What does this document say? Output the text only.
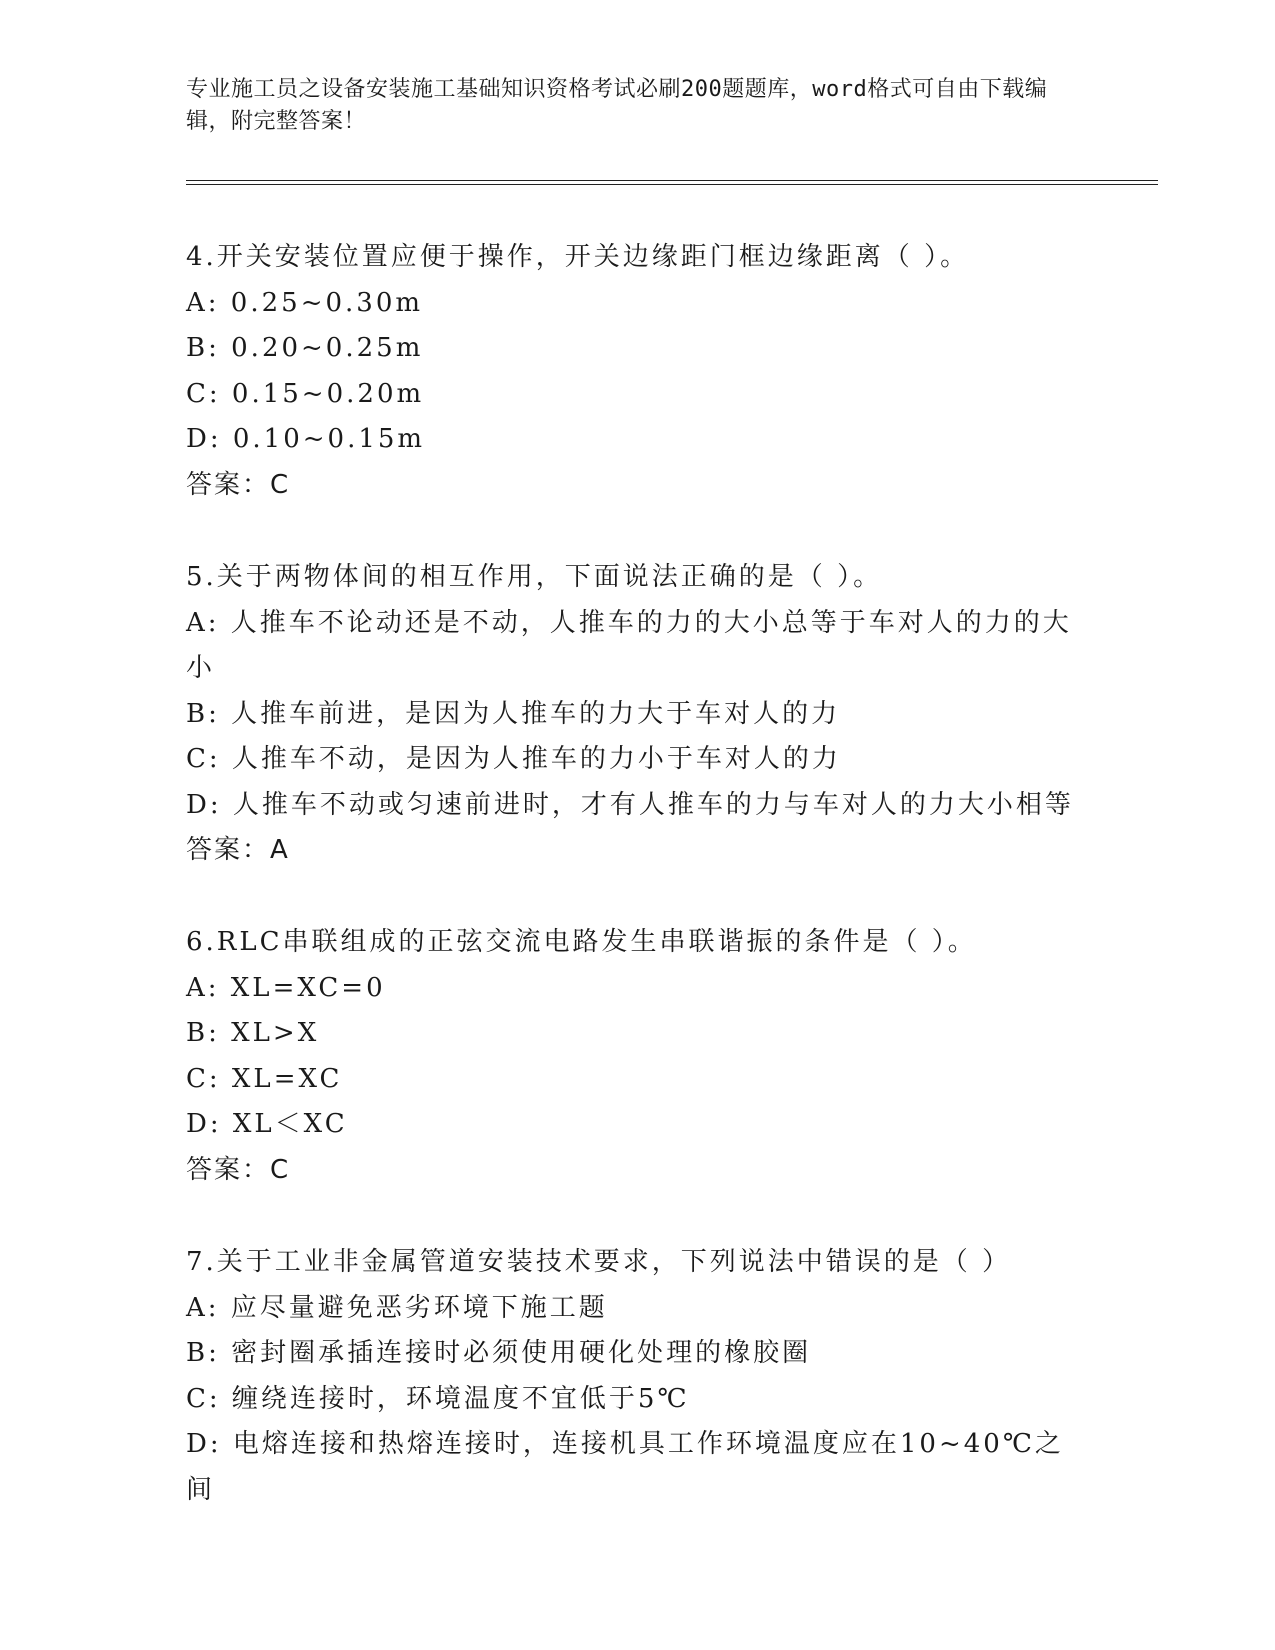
专业施工员之设备安装施工基础知识资格考试必刷200题题库，word格式可自由下载编辑，附完整答案！
4.开关安装位置应便于操作，开关边缘距门框边缘距离（ ）。
A: 0.25~0.30m
B: 0.20~0.25m
C: 0.15~0.20m
D: 0.10~0.15m
答案：C
5.关于两物体间的相互作用，下面说法正确的是（ ）。
A: 人推车不论动还是不动，人推车的力的大小总等于车对人的力的大小
B: 人推车前进，是因为人推车的力大于车对人的力
C: 人推车不动，是因为人推车的力小于车对人的力
D: 人推车不动或匀速前进时，才有人推车的力与车对人的力大小相等
答案：A
6.RLC串联组成的正弦交流电路发生串联谐振的条件是（ ）。
A: XL=XC=0
B: XL>X
C: XL=XC
D: XL＜XC
答案：C
7.关于工业非金属管道安装技术要求，下列说法中错误的是（ ）
A: 应尽量避免恶劣环境下施工题
B: 密封圈承插连接时必须使用硬化处理的橡胶圈
C: 缠绕连接时，环境温度不宜低于5℃
D: 电熔连接和热熔连接时，连接机具工作环境温度应在10~40℃之间
